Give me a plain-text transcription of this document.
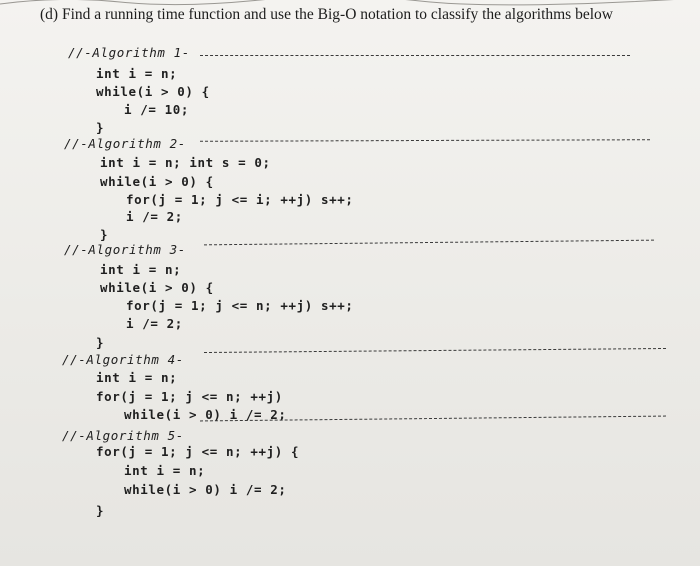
(d) Find a running time function and use the Big-O notation to classify the algorithms below
//-Algorithm 1-
int i = n;
while(i > 0) {
i /= 10;
}
//-Algorithm 2-
int i = n; int s = 0;
while(i > 0) {
for(j = 1; j <= i; ++j) s++;
i /= 2;
}
//-Algorithm 3-
int i = n;
while(i > 0) {
for(j = 1; j <= n; ++j) s++;
i /= 2;
}
//-Algorithm 4-
int i = n;
for(j = 1; j <= n; ++j)
while(i > 0) i /= 2;
//-Algorithm 5-
for(j = 1; j <= n; ++j) {
int i = n;
while(i > 0) i /= 2;
}
